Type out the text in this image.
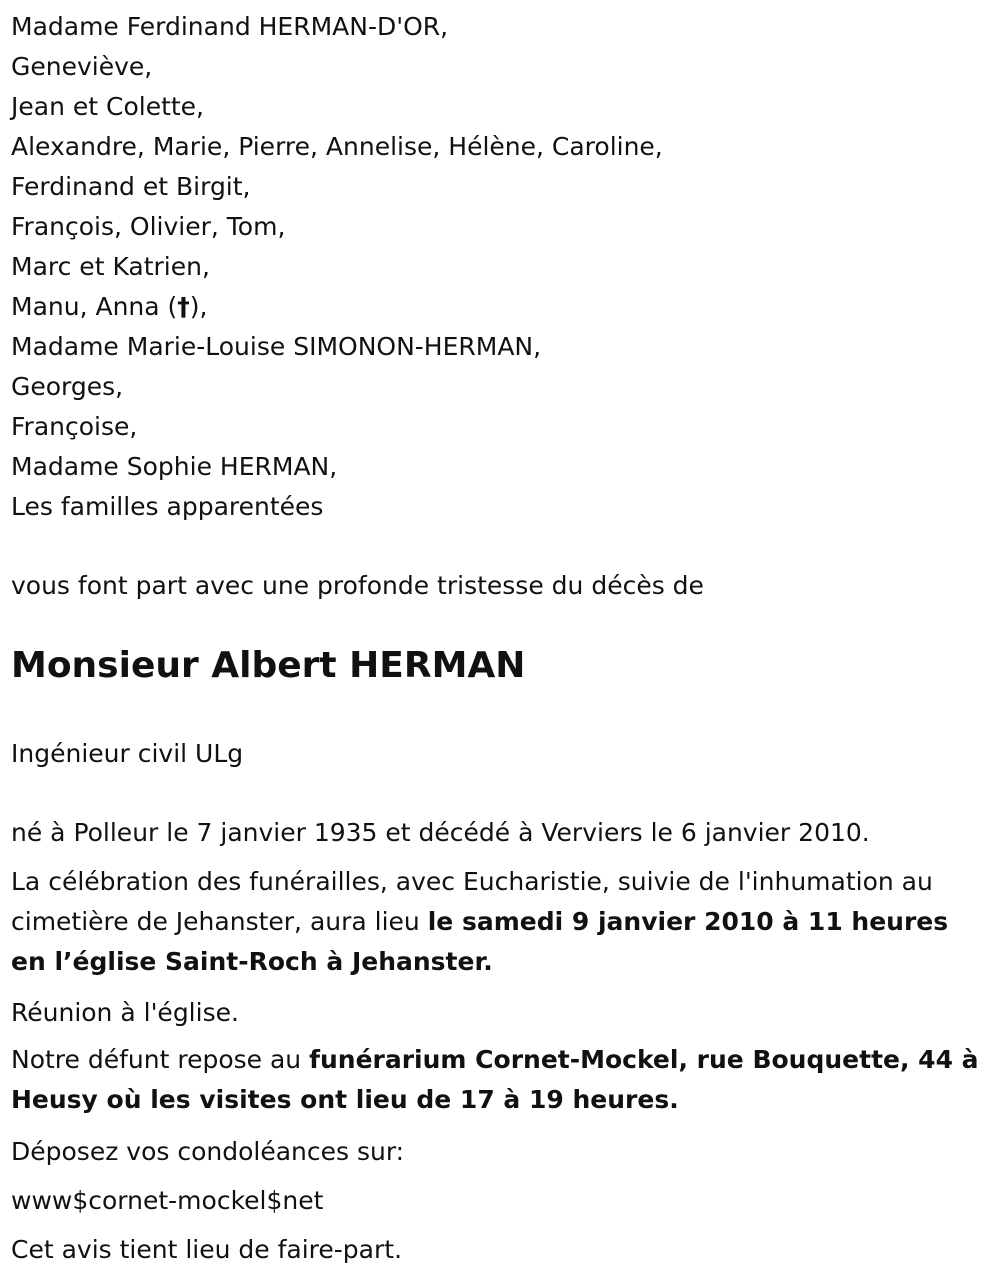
Madame Ferdinand HERMAN-D'OR,
Geneviève,
Jean et Colette,
Alexandre, Marie, Pierre, Annelise, Hélène, Caroline,
Ferdinand et Birgit,
François, Olivier, Tom,
Marc et Katrien,
Manu, Anna (†),
Madame Marie-Louise SIMONON-HERMAN,
Georges,
Françoise,
Madame Sophie HERMAN,
Les familles apparentées
vous font part avec une profonde tristesse du décès de
Monsieur Albert HERMAN
Ingénieur civil ULg

né à Polleur le 7 janvier 1935 et décédé à Verviers le 6 janvier 2010.

La célébration des funérailles, avec Eucharistie, suivie de l'inhumation au cimetière de Jehanster, aura lieu le samedi 9 janvier 2010 à 11 heures en l’église Saint-Roch à Jehanster.

Réunion à l'église.

Notre défunt repose au funérarium Cornet-Mockel, rue Bouquette, 44 à Heusy où les visites ont lieu de 17 à 19 heures.

Déposez vos condoléances sur:

www$cornet-mockel$net

Cet avis tient lieu de faire-part.
